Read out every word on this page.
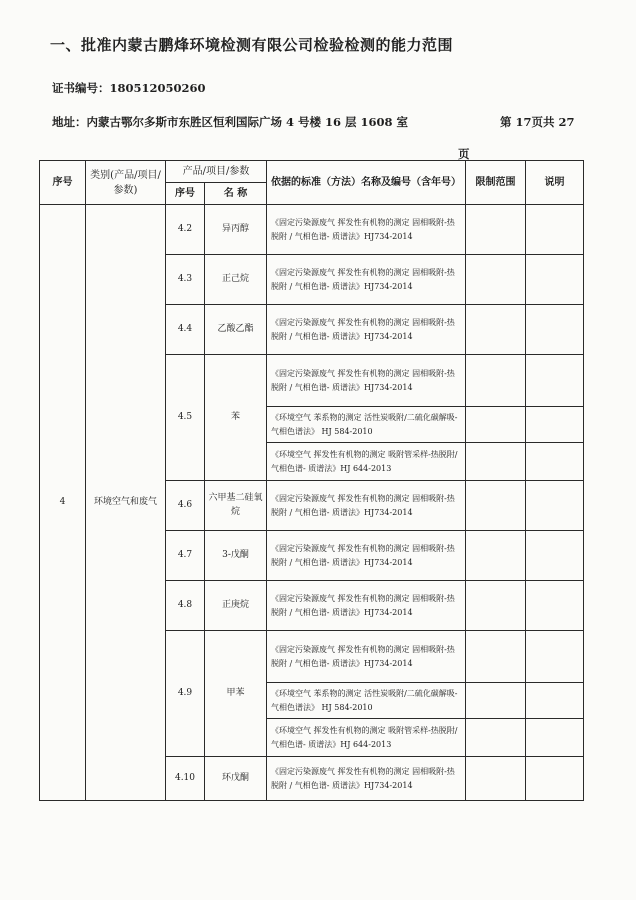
一、批准内蒙古鹏烽环境检测有限公司检验检测的能力范围
证书编号：180512050260
地址：内蒙古鄂尔多斯市东胜区恒利国际广场 4 号楼 16 层 1608 室	第 17页共 27
页
序号	类别(产品/项目/参数)	产品/项目/参数		依据的标准（方法）名称及编号（含年号）	限制范围	说明
		序号	名 称			
4	环境空气和废气	4.2	异丙醇	《固定污染源废气 挥发性有机物的测定 固相吸附-热脱附 / 气相色谱- 质谱法》HJ734-2014		
		4.3	正己烷	《固定污染源废气 挥发性有机物的测定 固相吸附-热脱附 / 气相色谱- 质谱法》HJ734-2014		
		4.4	乙酸乙酯	《固定污染源废气 挥发性有机物的测定 固相吸附-热脱附 / 气相色谱- 质谱法》HJ734-2014		
		4.5	苯	《固定污染源废气 挥发性有机物的测定 固相吸附-热脱附 / 气相色谱- 质谱法》HJ734-2014		
				《环境空气 苯系物的测定 活性炭吸附/二硫化碳解吸-气相色谱法》 HJ 584-2010		
				《环境空气 挥发性有机物的测定 吸附管采样-热脱附/气相色谱- 质谱法》HJ 644-2013		
		4.6	六甲基二硅氧烷	《固定污染源废气 挥发性有机物的测定 固相吸附-热脱附 / 气相色谱- 质谱法》HJ734-2014		
		4.7	3-戊酮	《固定污染源废气 挥发性有机物的测定 固相吸附-热脱附 / 气相色谱- 质谱法》HJ734-2014		
		4.8	正庚烷	《固定污染源废气 挥发性有机物的测定 固相吸附-热脱附 / 气相色谱- 质谱法》HJ734-2014		
		4.9	甲苯	《固定污染源废气 挥发性有机物的测定 固相吸附-热脱附 / 气相色谱- 质谱法》HJ734-2014		
				《环境空气 苯系物的测定 活性炭吸附/二硫化碳解吸-气相色谱法》 HJ 584-2010		
				《环境空气 挥发性有机物的测定 吸附管采样-热脱附/气相色谱- 质谱法》HJ 644-2013		
		4.10	环戊酮	《固定污染源废气 挥发性有机物的测定 固相吸附-热脱附 / 气相色谱- 质谱法》HJ734-2014		
